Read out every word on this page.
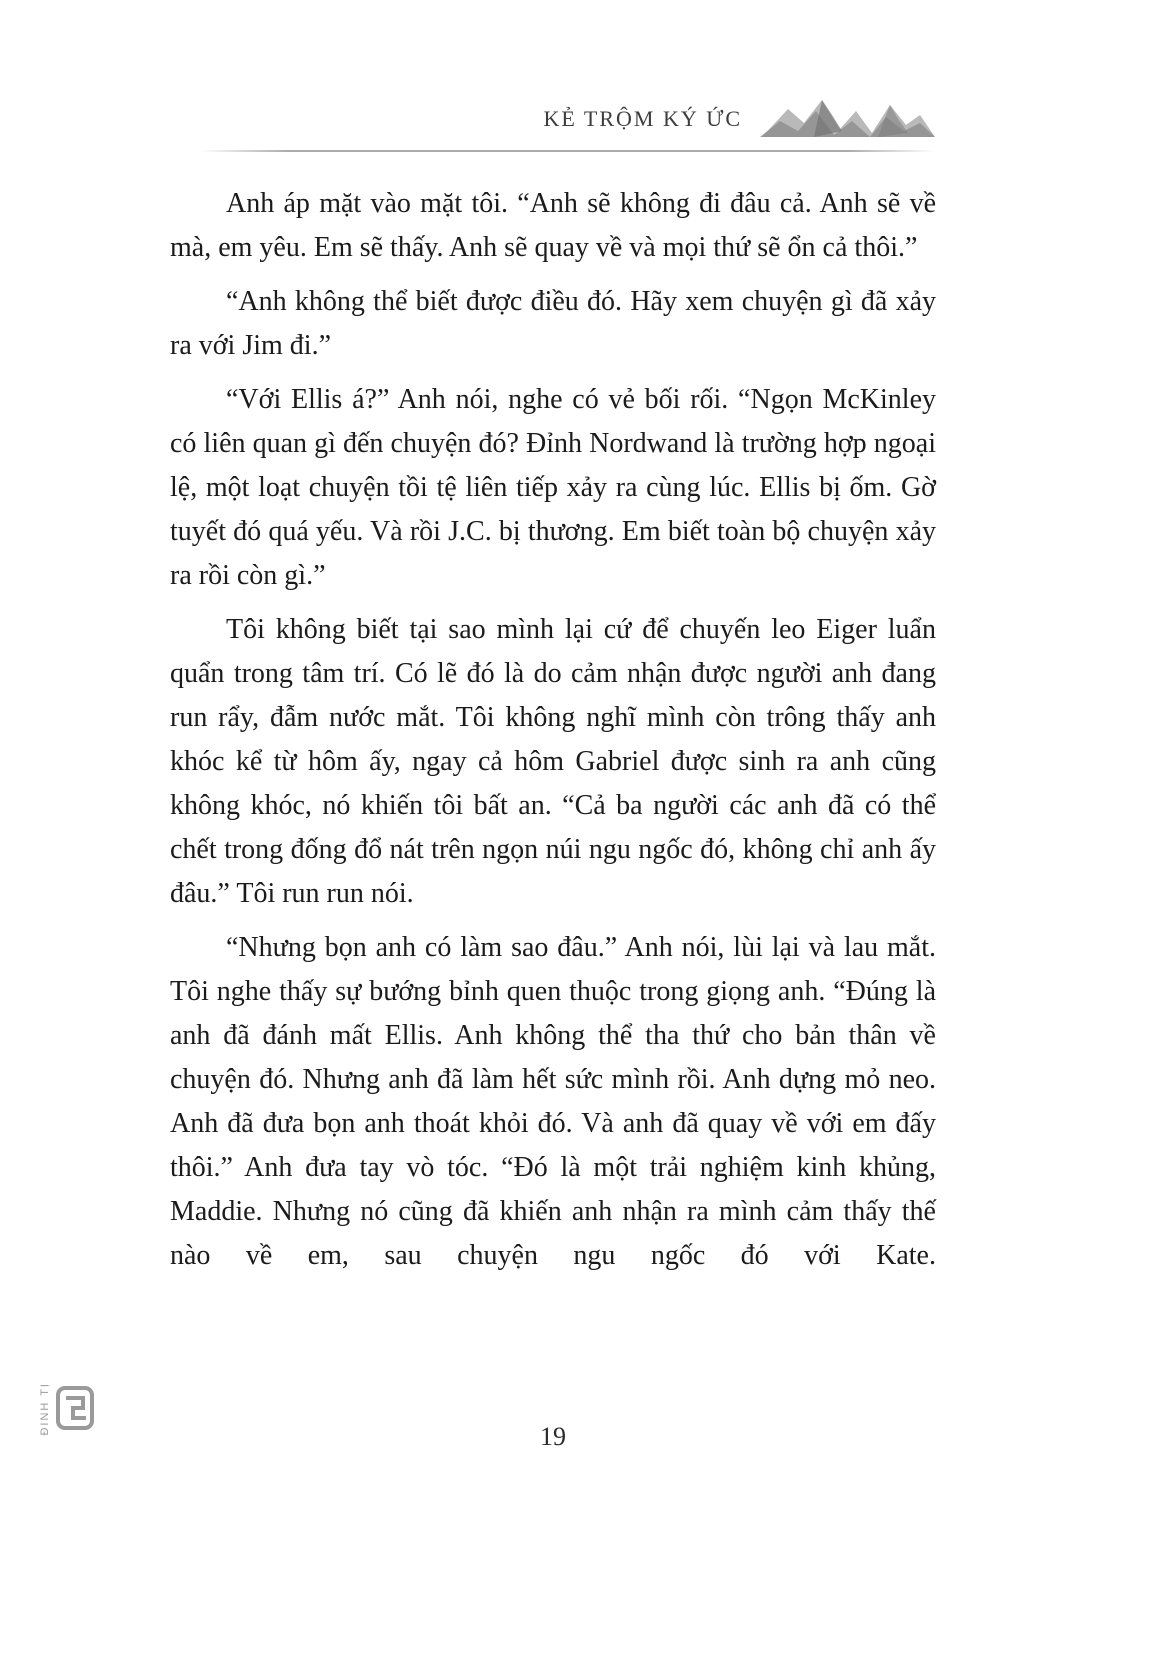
KẺ TRỘM KÝ ỨC

Anh áp mặt vào mặt tôi. “Anh sẽ không đi đâu cả. Anh sẽ về mà, em yêu. Em sẽ thấy. Anh sẽ quay về và mọi thứ sẽ ổn cả thôi.”

“Anh không thể biết được điều đó. Hãy xem chuyện gì đã xảy ra với Jim đi.”

“Với Ellis á?” Anh nói, nghe có vẻ bối rối. “Ngọn McKinley có liên quan gì đến chuyện đó? Đỉnh Nordwand là trường hợp ngoại lệ, một loạt chuyện tồi tệ liên tiếp xảy ra cùng lúc. Ellis bị ốm. Gờ tuyết đó quá yếu. Và rồi J.C. bị thương. Em biết toàn bộ chuyện xảy ra rồi còn gì.”

Tôi không biết tại sao mình lại cứ để chuyến leo Eiger luẩn quẩn trong tâm trí. Có lẽ đó là do cảm nhận được người anh đang run rẩy, đẫm nước mắt. Tôi không nghĩ mình còn trông thấy anh khóc kể từ hôm ấy, ngay cả hôm Gabriel được sinh ra anh cũng không khóc, nó khiến tôi bất an. “Cả ba người các anh đã có thể chết trong đống đổ nát trên ngọn núi ngu ngốc đó, không chỉ anh ấy đâu.” Tôi run run nói.

“Nhưng bọn anh có làm sao đâu.” Anh nói, lùi lại và lau mắt. Tôi nghe thấy sự bướng bỉnh quen thuộc trong giọng anh. “Đúng là anh đã đánh mất Ellis. Anh không thể tha thứ cho bản thân về chuyện đó. Nhưng anh đã làm hết sức mình rồi. Anh dựng mỏ neo. Anh đã đưa bọn anh thoát khỏi đó. Và anh đã quay về với em đấy thôi.” Anh đưa tay vò tóc. “Đó là một trải nghiệm kinh khủng, Maddie. Nhưng nó cũng đã khiến anh nhận ra mình cảm thấy thế nào về em, sau chuyện ngu ngốc đó với Kate.

19
ĐINH TỊ
